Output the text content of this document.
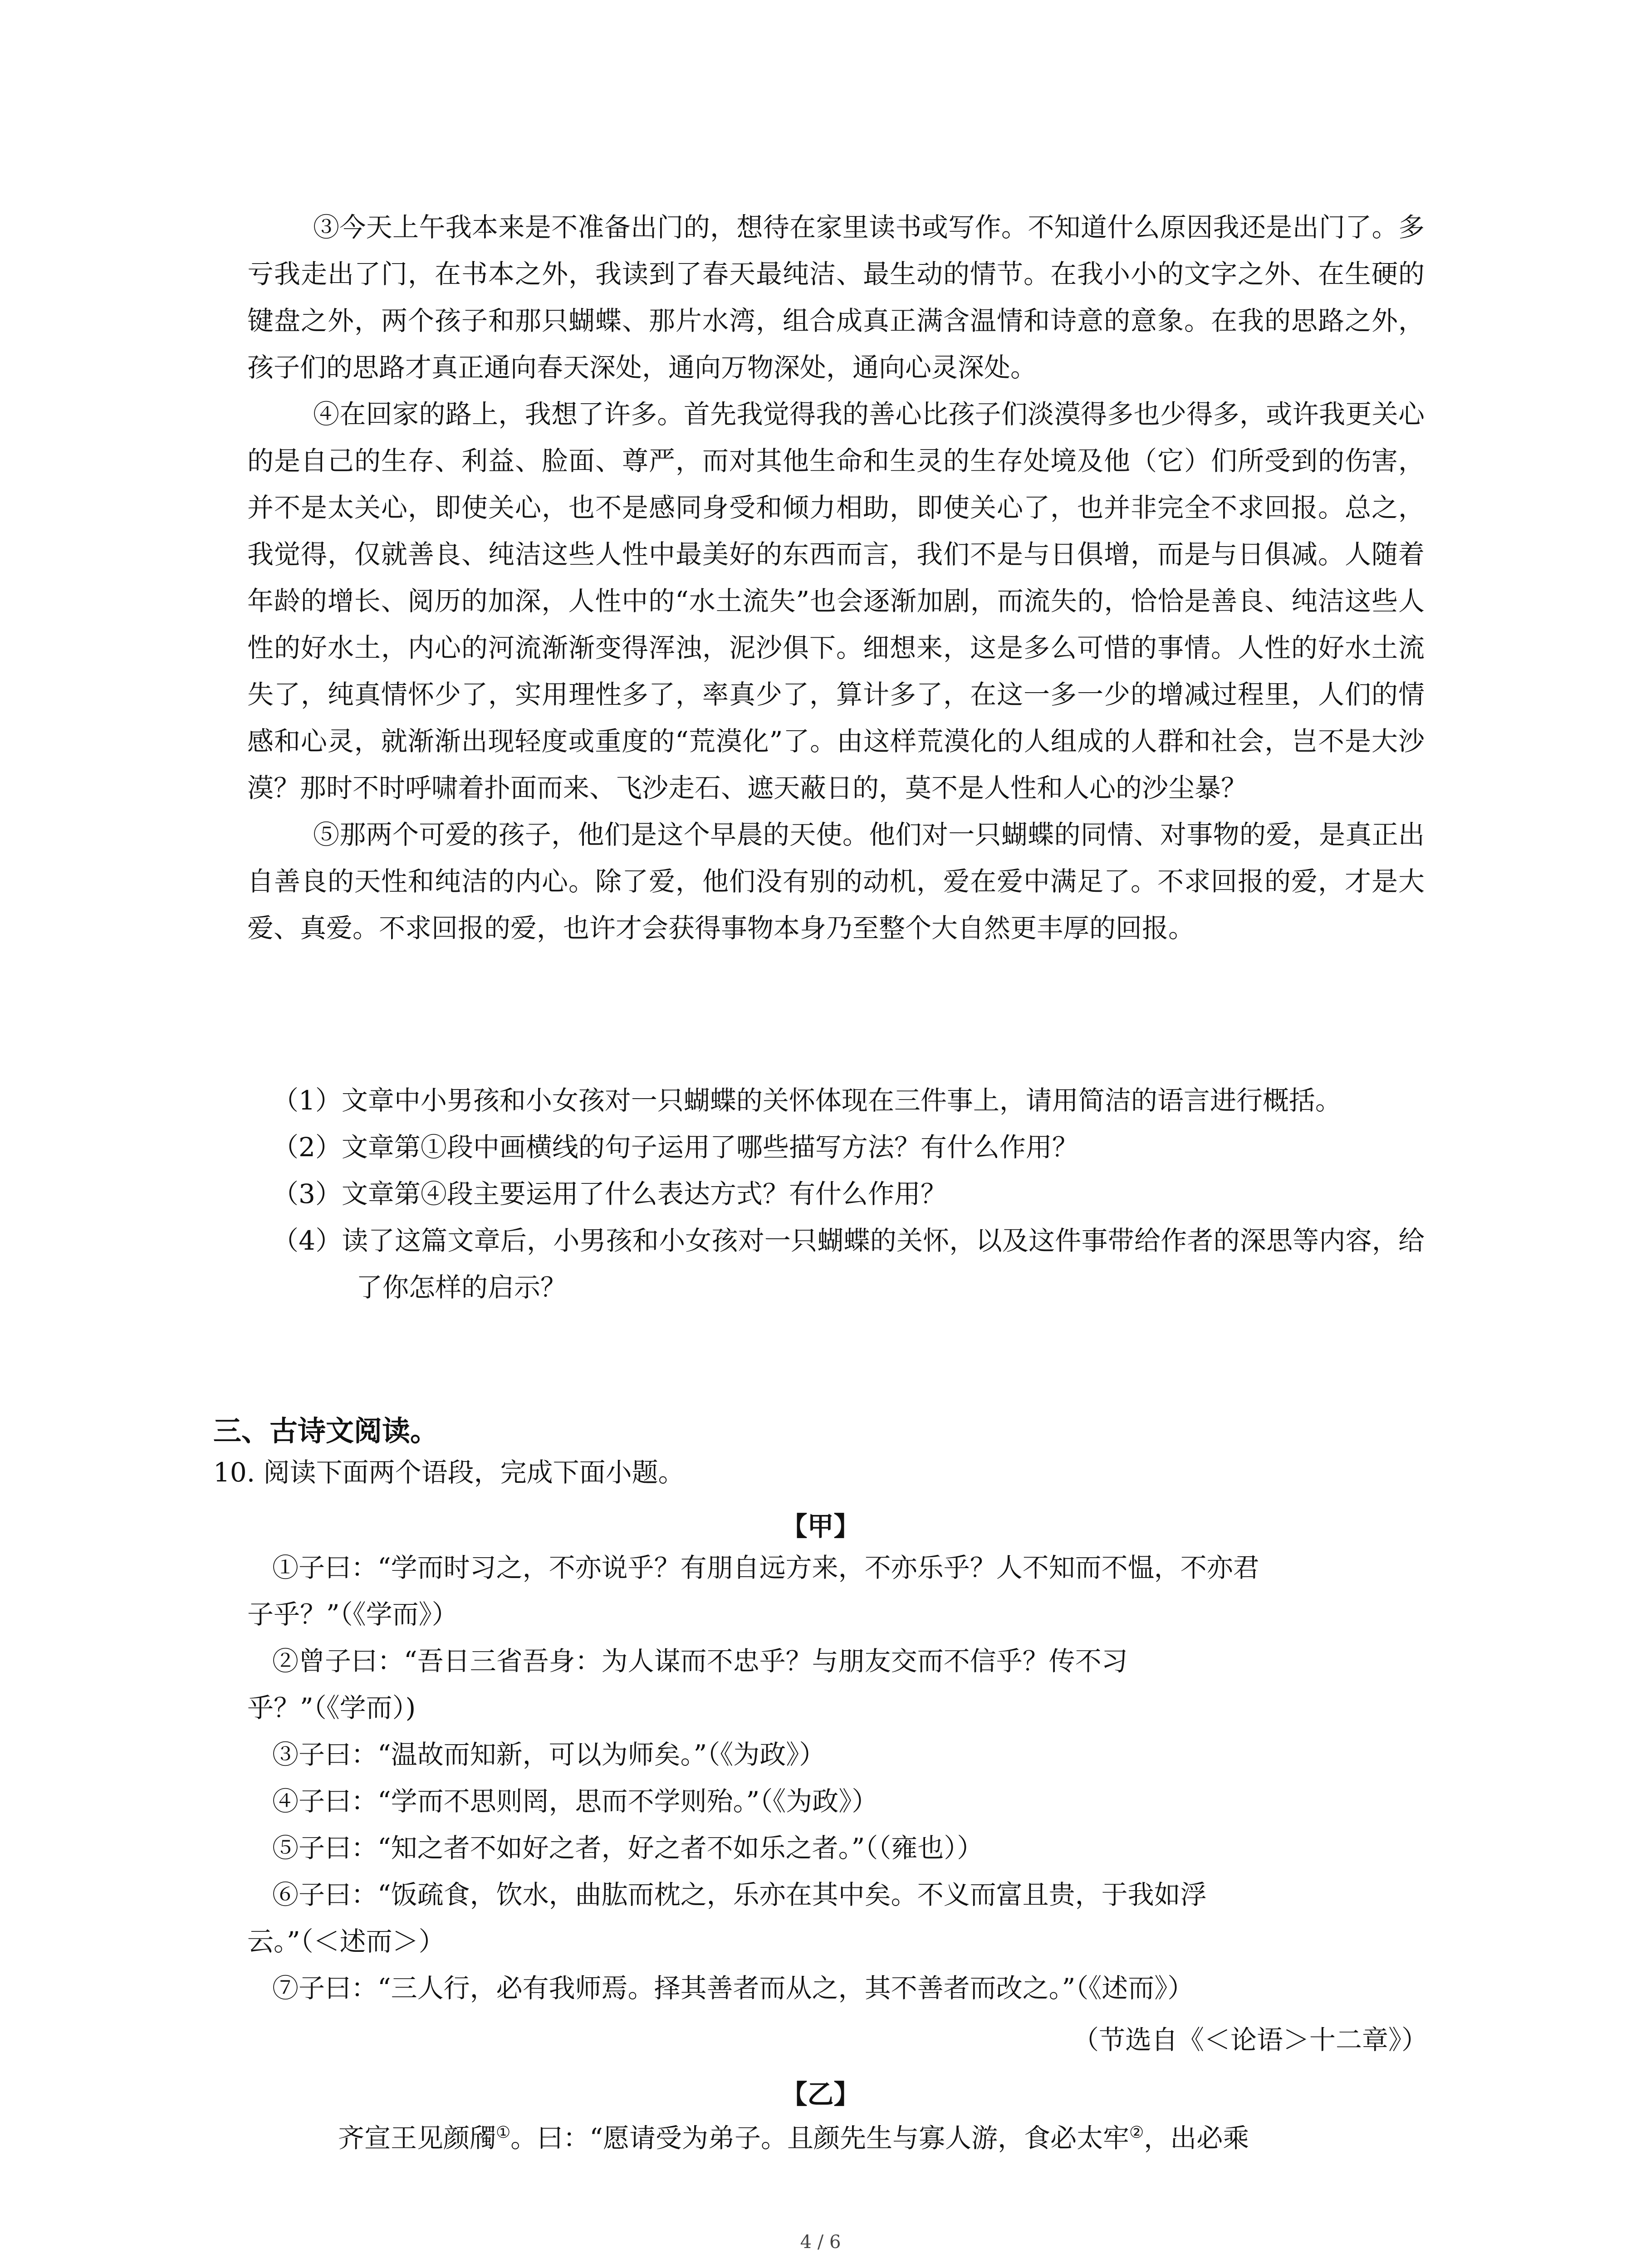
③今天上午我本来是不准备出门的，想待在家里读书或写作。不知道什么原因我还是出门了。多亏我走出了门，在书本之外，我读到了春天最纯洁、最生动的情节。在我小小的文字之外、在生硬的键盘之外，两个孩子和那只蝴蝶、那片水湾，组合成真正满含温情和诗意的意象。在我的思路之外，孩子们的思路才真正通向春天深处，通向万物深处，通向心灵深处。

④在回家的路上，我想了许多。首先我觉得我的善心比孩子们淡漠得多也少得多，或许我更关心的是自己的生存、利益、脸面、尊严，而对其他生命和生灵的生存处境及他（它）们所受到的伤害，并不是太关心，即使关心，也不是感同身受和倾力相助，即使关心了，也并非完全不求回报。总之，我觉得，仅就善良、纯洁这些人性中最美好的东西而言，我们不是与日俱增，而是与日俱减。人随着年龄的增长、阅历的加深，人性中的“水土流失”也会逐渐加剧，而流失的，恰恰是善良、纯洁这些人性的好水土，内心的河流渐渐变得浑浊，泥沙俱下。细想来，这是多么可惜的事情。人性的好水土流失了，纯真情怀少了，实用理性多了，率真少了，算计多了，在这一多一少的增减过程里，人们的情感和心灵，就渐渐出现轻度或重度的“荒漠化”了。由这样荒漠化的人组成的人群和社会，岂不是大沙漠？那时不时呼啸着扑面而来、飞沙走石、遮天蔽日的，莫不是人性和人心的沙尘暴？

⑤那两个可爱的孩子，他们是这个早晨的天使。他们对一只蝴蝶的同情、对事物的爱，是真正出自善良的天性和纯洁的内心。除了爱，他们没有别的动机，爱在爱中满足了。不求回报的爱，才是大爱、真爱。不求回报的爱，也许才会获得事物本身乃至整个大自然更丰厚的回报。

（1）文章中小男孩和小女孩对一只蝴蝶的关怀体现在三件事上，请用简洁的语言进行概括。

（2）文章第①段中画横线的句子运用了哪些描写方法？有什么作用？

（3）文章第④段主要运用了什么表达方式？有什么作用？

（4）读了这篇文章后，小男孩和小女孩对一只蝴蝶的关怀，以及这件事带给作者的深思等内容，给了你怎样的启示？

三、古诗文阅读。

10. 阅读下面两个语段，完成下面小题。

【甲】

①子曰：“学而时习之，不亦说乎？有朋自远方来，不亦乐乎？人不知而不愠，不亦君

子乎？”（《学而》）

②曾子曰：“吾日三省吾身：为人谋而不忠乎？与朋友交而不信乎？传不习

乎？”（《学而）)

③子曰：“温故而知新，可以为师矣。”（《为政》）

④子曰：“学而不思则罔，思而不学则殆。”（《为政》）

⑤子曰：“知之者不如好之者，好之者不如乐之者。”（（雍也））

⑥子曰：“饭疏食，饮水，曲肱而枕之，乐亦在其中矣。不义而富且贵，于我如浮

云。”（＜述而＞）

⑦子曰：“三人行，必有我师焉。择其善者而从之，其不善者而改之。”（《述而》）

（节选自《＜论语＞十二章》）

【乙】

齐宣王见颜斶①。曰：“愿请受为弟子。且颜先生与寡人游，食必太牢②，出必乘

4 / 6
